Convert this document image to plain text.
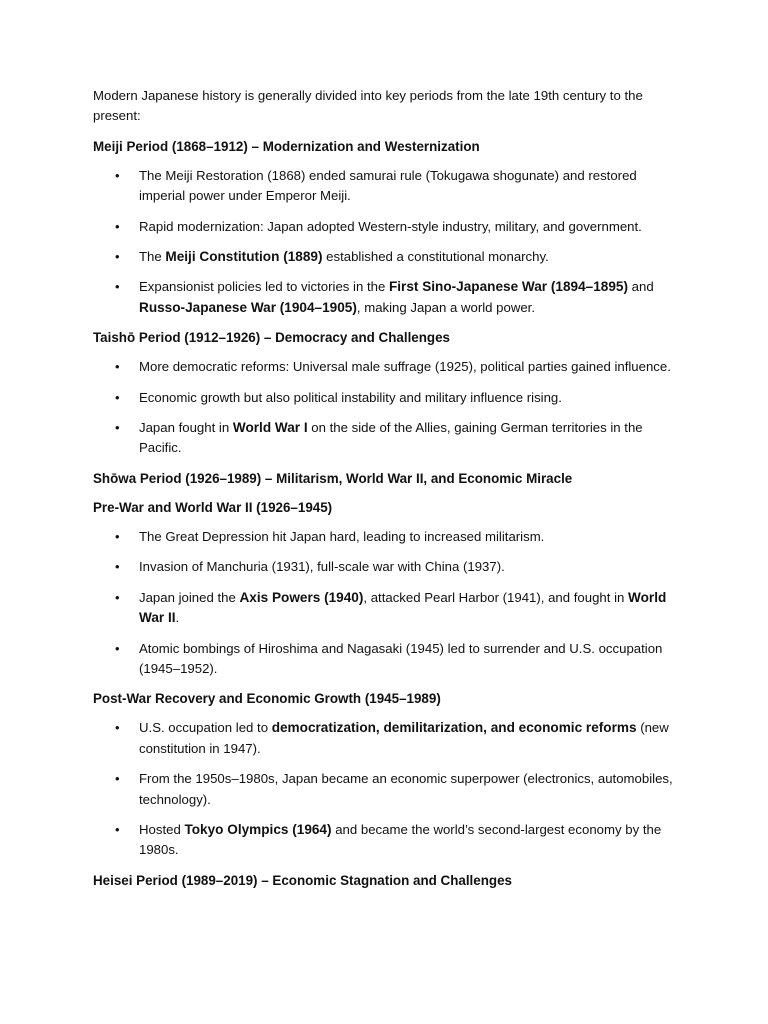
Modern Japanese history is generally divided into key periods from the late 19th century to the present:

Meiji Period (1868–1912) – Modernization and Westernization

• The Meiji Restoration (1868) ended samurai rule (Tokugawa shogunate) and restored imperial power under Emperor Meiji.
• Rapid modernization: Japan adopted Western-style industry, military, and government.
• The Meiji Constitution (1889) established a constitutional monarchy.
• Expansionist policies led to victories in the First Sino-Japanese War (1894–1895) and Russo-Japanese War (1904–1905), making Japan a world power.

Taishō Period (1912–1926) – Democracy and Challenges

• More democratic reforms: Universal male suffrage (1925), political parties gained influence.
• Economic growth but also political instability and military influence rising.
• Japan fought in World War I on the side of the Allies, gaining German territories in the Pacific.

Shōwa Period (1926–1989) – Militarism, World War II, and Economic Miracle

Pre-War and World War II (1926–1945)

• The Great Depression hit Japan hard, leading to increased militarism.
• Invasion of Manchuria (1931), full-scale war with China (1937).
• Japan joined the Axis Powers (1940), attacked Pearl Harbor (1941), and fought in World War II.
• Atomic bombings of Hiroshima and Nagasaki (1945) led to surrender and U.S. occupation (1945–1952).

Post-War Recovery and Economic Growth (1945–1989)

• U.S. occupation led to democratization, demilitarization, and economic reforms (new constitution in 1947).
• From the 1950s–1980s, Japan became an economic superpower (electronics, automobiles, technology).
• Hosted Tokyo Olympics (1964) and became the world’s second-largest economy by the 1980s.

Heisei Period (1989–2019) – Economic Stagnation and Challenges
